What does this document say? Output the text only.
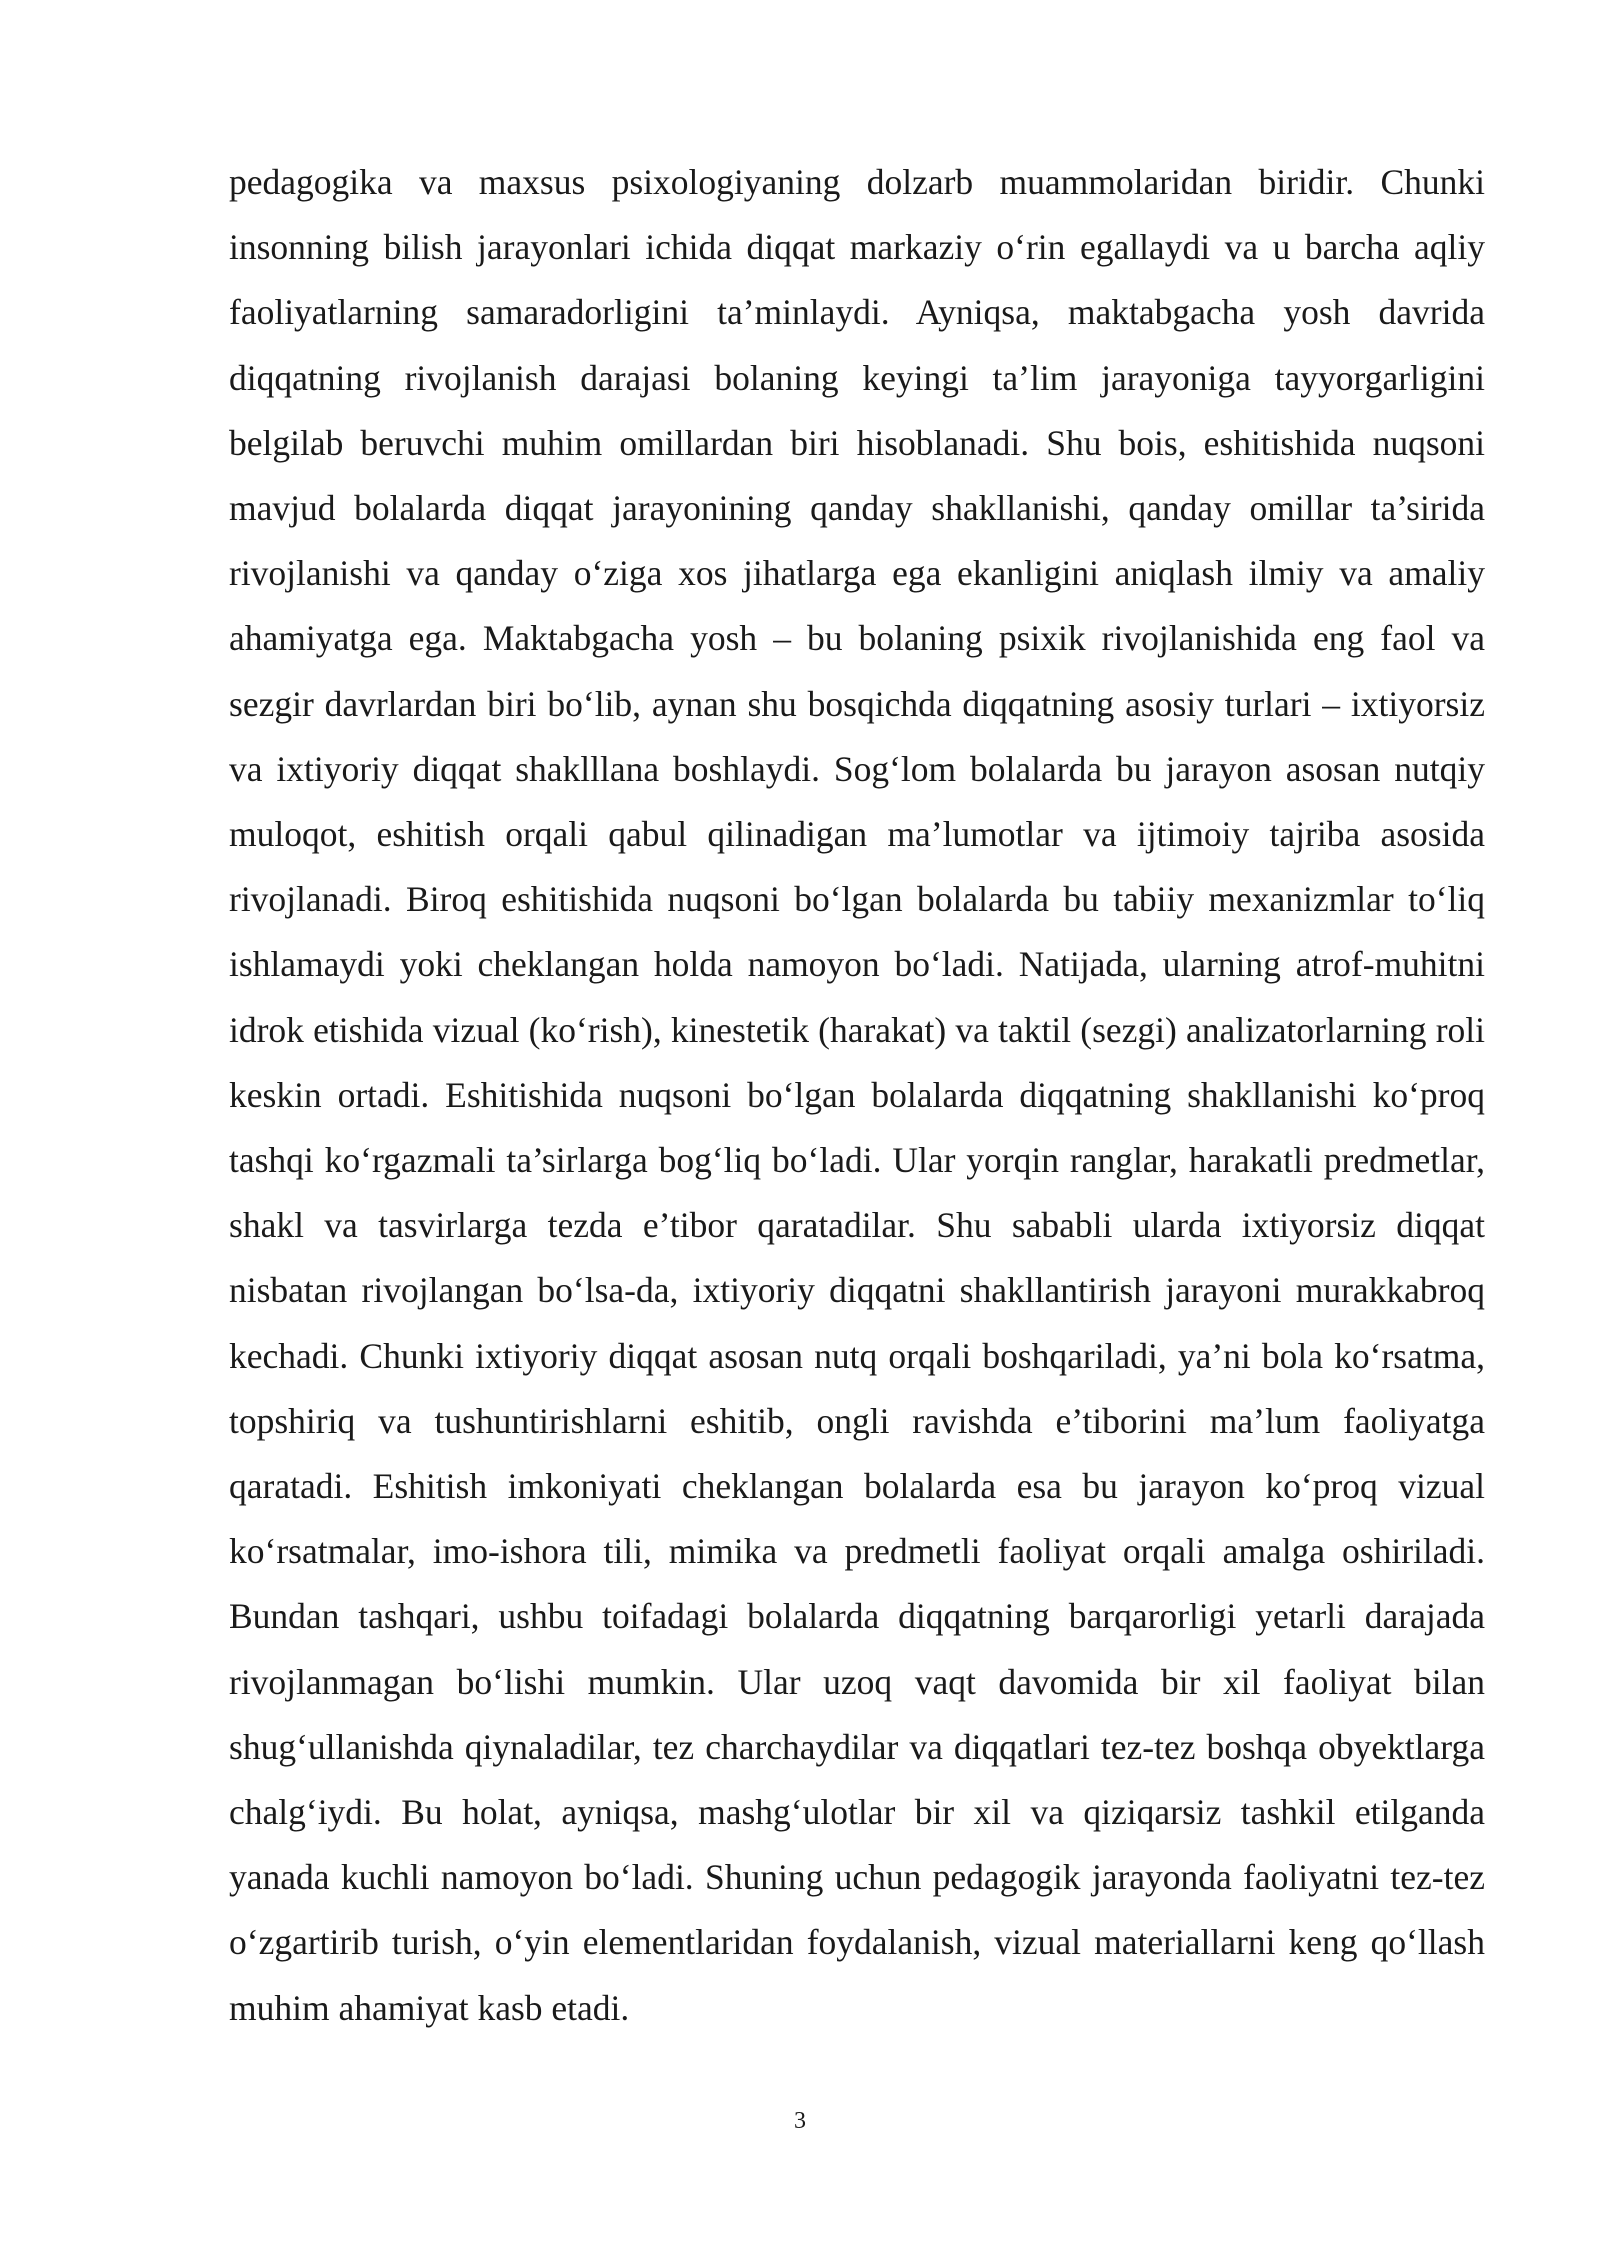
pedagogika va maxsus psixologiyaning dolzarb muammolaridan biridir. Chunki insonning bilish jarayonlari ichida diqqat markaziy o‘rin egallaydi va u barcha aqliy faoliyatlarning samaradorligini ta’minlaydi. Ayniqsa, maktabgacha yosh davrida diqqatning rivojlanish darajasi bolaning keyingi ta’lim jarayoniga tayyorgarligini belgilab beruvchi muhim omillardan biri hisoblanadi. Shu bois, eshitishida nuqsoni mavjud bolalarda diqqat jarayonining qanday shakllanishi, qanday omillar ta’sirida rivojlanishi va qanday o‘ziga xos jihatlarga ega ekanligini aniqlash ilmiy va amaliy ahamiyatga ega. Maktabgacha yosh – bu bolaning psixik rivojlanishida eng faol va sezgir davrlardan biri bo‘lib, aynan shu bosqichda diqqatning asosiy turlari – ixtiyorsiz va ixtiyoriy diqqat shaklllana boshlaydi. Sog‘lom bolalarda bu jarayon asosan nutqiy muloqot, eshitish orqali qabul qilinadigan ma’lumotlar va ijtimoiy tajriba asosida rivojlanadi. Biroq eshitishida nuqsoni bo‘lgan bolalarda bu tabiiy mexanizmlar to‘liq ishlamaydi yoki cheklangan holda namoyon bo‘ladi. Natijada, ularning atrof-muhitni idrok etishida vizual (ko‘rish), kinestetik (harakat) va taktil (sezgi) analizatorlarning roli keskin ortadi. Eshitishida nuqsoni bo‘lgan bolalarda diqqatning shakllanishi ko‘proq tashqi ko‘rgazmali ta’sirlarga bog‘liq bo‘ladi. Ular yorqin ranglar, harakatli predmetlar, shakl va tasvirlarga tezda e’tibor qaratadilar. Shu sababli ularda ixtiyorsiz diqqat nisbatan rivojlangan bo‘lsa-da, ixtiyoriy diqqatni shakllantirish jarayoni murakkabroq kechadi. Chunki ixtiyoriy diqqat asosan nutq orqali boshqariladi, ya’ni bola ko‘rsatma, topshiriq va tushuntirishlarni eshitib, ongli ravishda e’tiborini ma’lum faoliyatga qaratadi. Eshitish imkoniyati cheklangan bolalarda esa bu jarayon ko‘proq vizual ko‘rsatmalar, imo-ishora tili, mimika va predmetli faoliyat orqali amalga oshiriladi. Bundan tashqari, ushbu toifadagi bolalarda diqqatning barqarorligi yetarli darajada rivojlanmagan bo‘lishi mumkin. Ular uzoq vaqt davomida bir xil faoliyat bilan shug‘ullanishda qiynaladilar, tez charchaydilar va diqqatlari tez-tez boshqa obyektlarga chalg‘iydi. Bu holat, ayniqsa, mashg‘ulotlar bir xil va qiziqarsiz tashkil etilganda yanada kuchli namoyon bo‘ladi. Shuning uchun pedagogik jarayonda faoliyatni tez-tez o‘zgartirib turish, o‘yin elementlaridan foydalanish, vizual materiallarni keng qo‘llash muhim ahamiyat kasb etadi.

3
